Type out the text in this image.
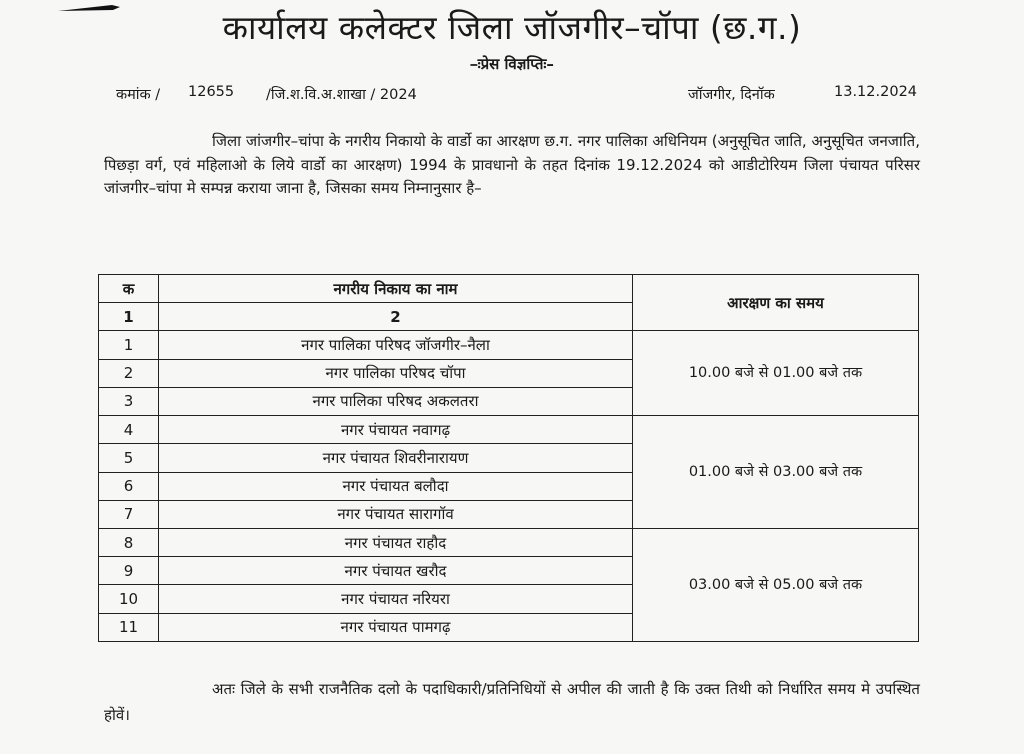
कार्यालय कलेक्टर जिला जॉजगीर–चॉपा (छ.ग.)
–ःप्रेस विज्ञप्तिः–
कमांक / 12655 /जि.श.वि.अ.शाखा / 2024	जॉजगीर, दिनॉक	13.12.2024

जिला जांजगीर–चांपा के नगरीय निकायो के वार्डो का आरक्षण छ.ग. नगर पालिका अधिनियम (अनुसूचित जाति, अनुसूचित जनजाति, पिछड़ा वर्ग, एवं महिलाओ के लिये वार्डो का आरक्षण) 1994 के प्रावधानो के तहत दिनांक 19.12.2024 को आडीटोरियम जिला पंचायत परिसर जांजगीर–चांपा मे सम्पन्न कराया जाना है, जिसका समय निम्नानुसार है–

क	नगरीय निकाय का नाम	आरक्षण का समय
1	2	
1	नगर पालिका परिषद जॉजगीर–नैला	10.00 बजे से 01.00 बजे तक
2	नगर पालिका परिषद चॉपा	
3	नगर पालिका परिषद अकलतरा	
4	नगर पंचायत नवागढ़	01.00 बजे से 03.00 बजे तक
5	नगर पंचायत शिवरीनारायण	
6	नगर पंचायत बलौदा	
7	नगर पंचायत सारागॉव	
8	नगर पंचायत राहौद	03.00 बजे से 05.00 बजे तक
9	नगर पंचायत खरौद	
10	नगर पंचायत नरियरा	
11	नगर पंचायत पामगढ़	

अतः जिले के सभी राजनैतिक दलो के पदाधिकारी/प्रतिनिधियों से अपील की जाती है कि उक्त तिथी को निर्धारित समय मे उपस्थित होवें।
